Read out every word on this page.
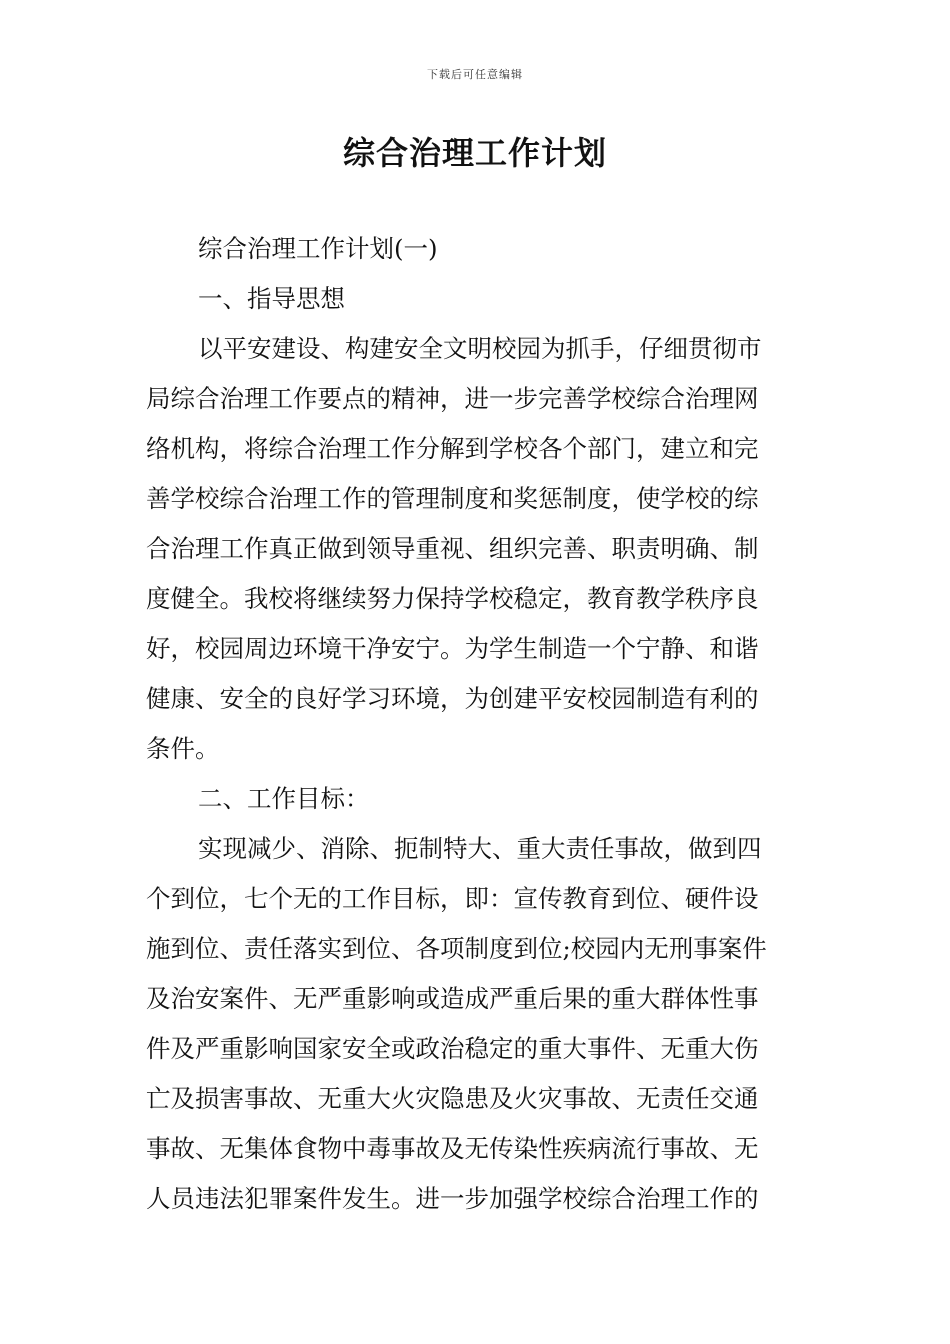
下载后可任意编辑
综合治理工作计划
综合治理工作计划(一)
一、指导思想
以平安建设、构建安全文明校园为抓手，仔细贯彻市
局综合治理工作要点的精神，进一步完善学校综合治理网
络机构，将综合治理工作分解到学校各个部门，建立和完
善学校综合治理工作的管理制度和奖惩制度，使学校的综
合治理工作真正做到领导重视、组织完善、职责明确、制
度健全。我校将继续努力保持学校稳定，教育教学秩序良
好，校园周边环境干净安宁。为学生制造一个宁静、和谐
健康、安全的良好学习环境，为创建平安校园制造有利的
条件。
二、工作目标：
实现减少、消除、扼制特大、重大责任事故，做到四
个到位，七个无的工作目标，即：宣传教育到位、硬件设
施到位、责任落实到位、各项制度到位;校园内无刑事案件
及治安案件、无严重影响或造成严重后果的重大群体性事
件及严重影响国家安全或政治稳定的重大事件、无重大伤
亡及损害事故、无重大火灾隐患及火灾事故、无责任交通
事故、无集体食物中毒事故及无传染性疾病流行事故、无
人员违法犯罪案件发生。进一步加强学校综合治理工作的
